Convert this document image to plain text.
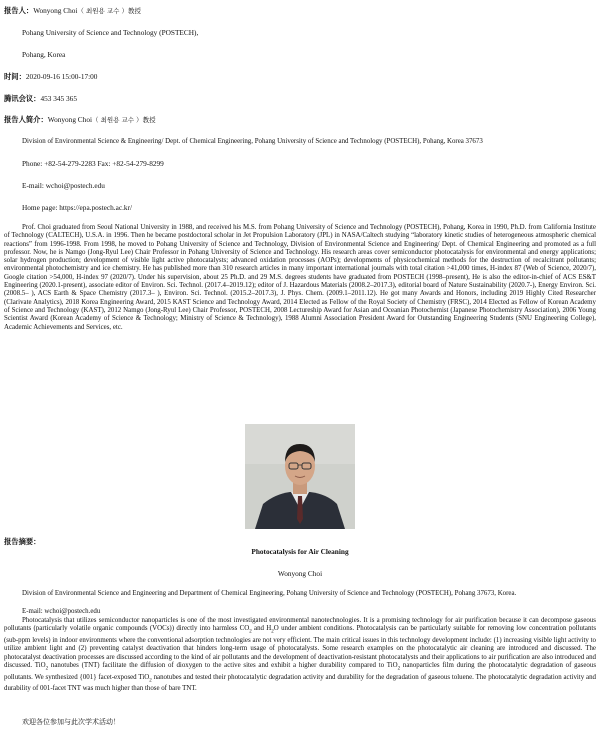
报告人：Wonyong Choi（ 최원용 교수 ）教授
Pohang University of Science and Technology (POSTECH),
Pohang, Korea
时间：2020-09-16 15:00-17:00
腾讯会议：453 345 365
报告人简介：Wonyong Choi（ 최원용 교수 ）教授
Division of Environmental Science & Engineering/ Dept. of Chemical Engineering, Pohang University of Science and Technology (POSTECH), Pohang, Korea 37673
Phone: +82-54-279-2283 Fax: +82-54-279-8299
E-mail: wchoi@postech.edu
Home page: https://epa.postech.ac.kr/
Prof. Choi graduated from Seoul National University in 1988, and received his M.S. from Pohang University of Science and Technology (POSTECH), Pohang, Korea in 1990, Ph.D. from California Institute of Technology (CALTECH), U.S.A. in 1996. Then he became postdoctoral scholar in Jet Propulsion Laboratory (JPL) in NASA/Caltech studying “laboratory kinetic studies of heterogeneous atmospheric chemical reactions” from 1996-1998. From 1998, he moved to Pohang University of Science and Technology, Division of Environmental Science and Engineering/ Dept. of Chemical Engineering and promoted as a full professor. Now, he is Namgo (Jong-Ryul Lee) Chair Professor in Pohang University of Science and Technology. His research areas cover semiconductor photocatalysis for environmental and energy applications; solar hydrogen production; development of visible light active photocatalysts; advanced oxidation processes (AOPs); developments of physicochemical methods for the destruction of recalcitrant pollutants; environmental photochemistry and ice chemistry. He has published more than 310 research articles in many important international journals with total citation >41,000 times, H-index 87 (Web of Science, 2020/7), Google citation >54,000, H-index 97 (2020/7). Under his supervision, about 25 Ph.D. and 29 M.S. degrees students have graduated from POSTECH (1998–present), He is also the editor-in-chief of ACS ES&T Engineering (2020.1-present), associate editor of Environ. Sci. Technol. (2017.4–2019.12); editor of J. Hazardous Materials (2008.2–2017.3), editorial board of Nature Sustainability (2020.7-), Energy Environ. Sci. (2008.5– ), ACS Earth & Space Chemistry (2017.3– ), Environ. Sci. Technol. (2015.2–2017.3), J. Phys. Chem. (2009.1–2011.12). He got many Awards and Honors, including 2019 Highly Cited Researcher (Clarivate Analytics), 2018 Korea Engineering Award, 2015 KAST Science and Technology Award, 2014 Elected as Fellow of the Royal Society of Chemistry (FRSC), 2014 Elected as Fellow of Korean Academy of Science and Technology (KAST), 2012 Namgo (Jong-Ryul Lee) Chair Professor, POSTECH, 2008 Lectureship Award for Asian and Oceanian Photochemist (Japanese Photochemistry Association), 2006 Young Scientist Award (Korean Academy of Science & Technology; Ministry of Science & Technology), 1988 Alumni Association President Award for Outstanding Engineering Students (SNU Engineering College), Academic Achievements and Services, etc.
报告摘要：
Photocatalysis for Air Cleaning
Wonyong Choi
Division of Environmental Science and Engineering and Department of Chemical Engineering, Pohang University of Science and Technology (POSTECH), Pohang 37673, Korea.
E-mail: wchoi@postech.edu
Photocatalysis that utilizes semiconductor nanoparticles is one of the most investigated environmental nanotechnologies. It is a promising technology for air purification because it can decompose gaseous pollutants (particularly volatile organic compounds (VOCs)) directly into harmless $CO_2$ and $H_2O$ under ambient conditions. Photocatalysis can be particularly suitable for removing low concentration pollutants (sub-ppm levels) in indoor environments where the conventional adsorption technologies are not very efficient. The main critical issues in this technology development include: (1) increasing visible light activity to utilize ambient light and (2) preventing catalyst deactivation that hinders long-term usage of photocatalysts. Some research examples on the photocatalytic air cleaning are introduced and discussed. The photocatalyst deactivation processes are discussed according to the kind of air pollutants and the development of deactivation-resistant photocatalysts and their applications to air purification are also introduced and discussed. TiO$_2$ nanotubes (TNT) facilitate the diffusion of dioxygen to the active sites and exhibit a higher durability compared to TiO$_2$ nanoparticles film during the photocatalytic degradation of gaseous pollutants. We synthesized {001} facet-exposed TiO$_2$ nanotubes and tested their photocatalytic degradation activity and durability for the degradation of gaseous toluene. The photocatalytic degradation activity and durability of 001-facet TNT was much higher than those of bare TNT.
欢迎各位参加与此次学术活动！
